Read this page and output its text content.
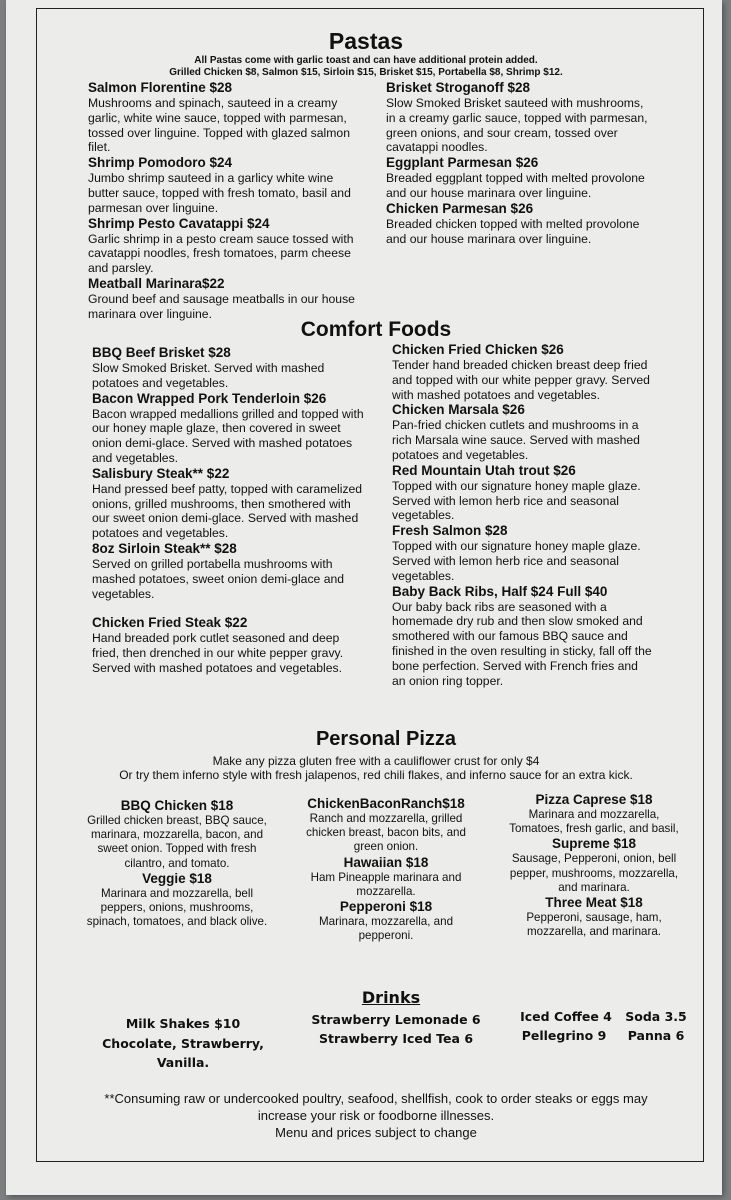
Pastas
All Pastas come with garlic toast and can have additional protein added.
Grilled Chicken $8, Salmon $15, Sirloin $15, Brisket $15, Portabella $8, Shrimp $12.
Salmon Florentine $28
Mushrooms and spinach, sauteed in a creamy garlic, white wine sauce, topped with parmesan, tossed over linguine. Topped with glazed salmon filet.
Shrimp Pomodoro $24
Jumbo shrimp sauteed in a garlicy white wine butter sauce, topped with fresh tomato, basil and parmesan over linguine.
Shrimp Pesto Cavatappi $24
Garlic shrimp in a pesto cream sauce tossed with cavatappi noodles, fresh tomatoes, parm cheese and parsley.
Meatball Marinara$22
Ground beef and sausage meatballs in our house marinara over linguine.
Brisket Stroganoff $28
Slow Smoked Brisket sauteed with mushrooms, in a creamy garlic sauce, topped with parmesan, green onions, and sour cream, tossed over cavatappi noodles.
Eggplant Parmesan $26
Breaded eggplant topped with melted provolone and our house marinara over linguine.
Chicken Parmesan $26
Breaded chicken topped with melted provolone and our house marinara over linguine.
Comfort Foods
BBQ Beef Brisket $28
Slow Smoked Brisket. Served with mashed potatoes and vegetables.
Bacon Wrapped Pork Tenderloin $26
Bacon wrapped medallions grilled and topped with our honey maple glaze, then covered in sweet onion demi-glace. Served with mashed potatoes and vegetables.
Salisbury Steak** $22
Hand pressed beef patty, topped with caramelized onions, grilled mushrooms, then smothered with our sweet onion demi-glace. Served with mashed potatoes and vegetables.
8oz Sirloin Steak** $28
Served on grilled portabella mushrooms with mashed potatoes, sweet onion demi-glace and vegetables.
Chicken Fried Steak $22
Hand breaded pork cutlet seasoned and deep fried, then drenched in our white pepper gravy. Served with mashed potatoes and vegetables.
Chicken Fried Chicken $26
Tender hand breaded chicken breast deep fried and topped with our white pepper gravy. Served with mashed potatoes and vegetables.
Chicken Marsala $26
Pan-fried chicken cutlets and mushrooms in a rich Marsala wine sauce. Served with mashed potatoes and vegetables.
Red Mountain Utah trout $26
Topped with our signature honey maple glaze. Served with lemon herb rice and seasonal vegetables.
Fresh Salmon $28
Topped with our signature honey maple glaze. Served with lemon herb rice and seasonal vegetables.
Baby Back Ribs, Half $24 Full $40
Our baby back ribs are seasoned with a homemade dry rub and then slow smoked and smothered with our famous BBQ sauce and finished in the oven resulting in sticky, fall off the bone perfection. Served with French fries and an onion ring topper.
Personal Pizza
Make any pizza gluten free with a cauliflower crust for only $4
Or try them inferno style with fresh jalapenos, red chili flakes, and inferno sauce for an extra kick.
BBQ Chicken $18
Grilled chicken breast, BBQ sauce, marinara, mozzarella, bacon, and sweet onion. Topped with fresh cilantro, and tomato.
Veggie $18
Marinara and mozzarella, bell peppers, onions, mushrooms, spinach, tomatoes, and black olive.
ChickenBaconRanch$18
Ranch and mozzarella, grilled chicken breast, bacon bits, and green onion.
Hawaiian $18
Ham Pineapple marinara and mozzarella.
Pepperoni $18
Marinara, mozzarella, and pepperoni.
Pizza Caprese $18
Marinara and mozzarella, Tomatoes, fresh garlic, and basil,
Supreme $18
Sausage, Pepperoni, onion, bell pepper, mushrooms, mozzarella, and marinara.
Three Meat $18
Pepperoni, sausage, ham, mozzarella, and marinara.
Drinks
Milk Shakes $10
Chocolate, Strawberry,
Vanilla.
Strawberry Lemonade 6
Strawberry Iced Tea 6
Iced Coffee 4
Pellegrino 9
Soda 3.5
Panna 6
**Consuming raw or undercooked poultry, seafood, shellfish, cook to order steaks or eggs may
increase your risk or foodborne illnesses.
Menu and prices subject to change
